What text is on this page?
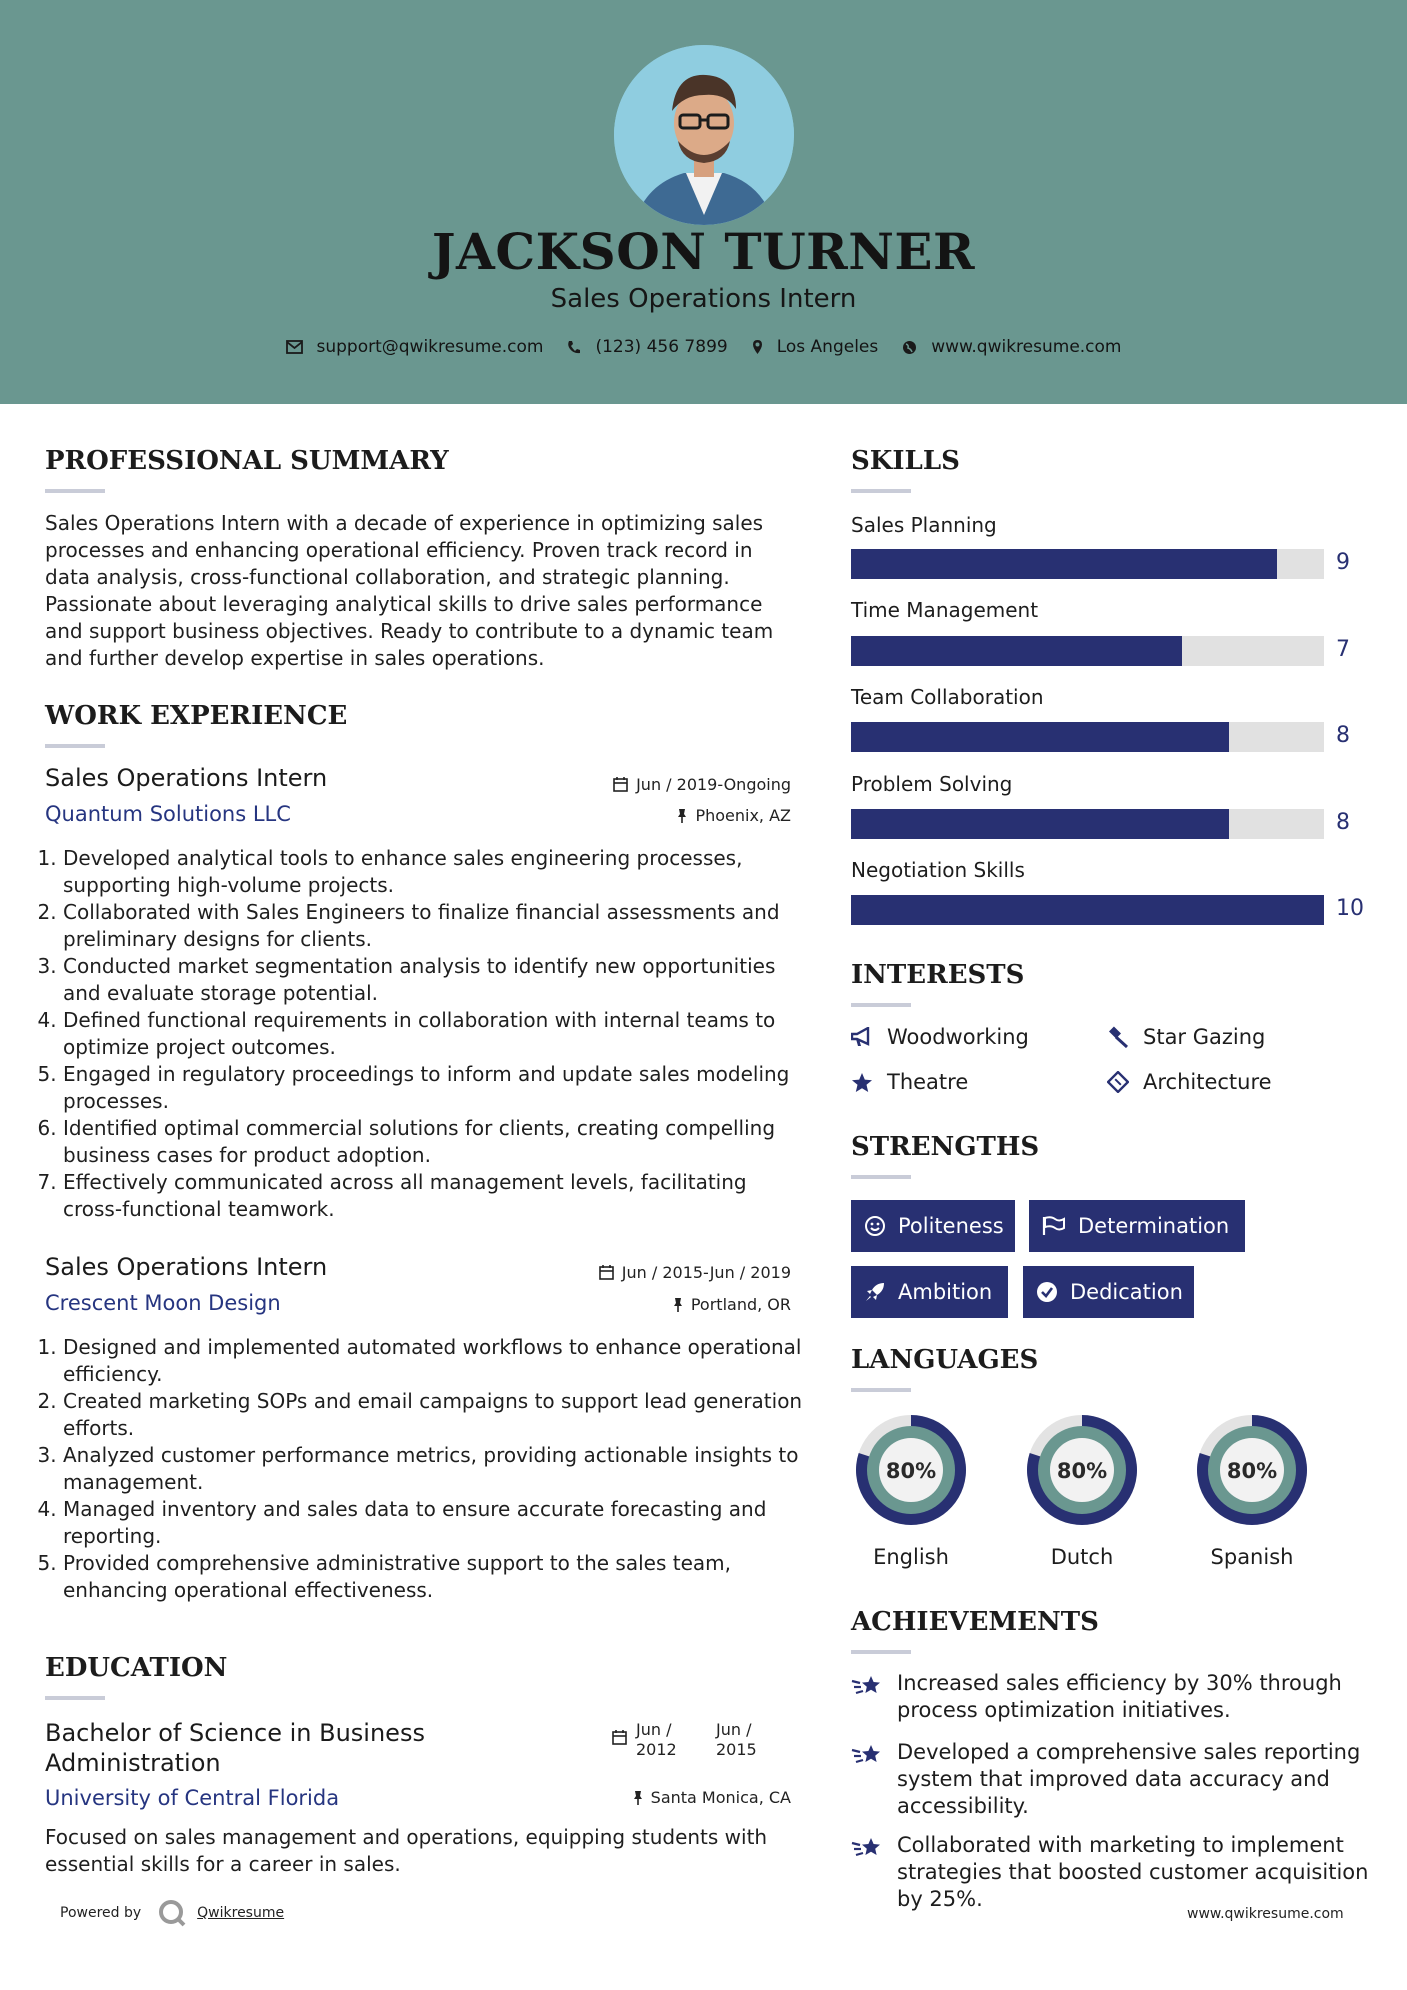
JACKSON TURNER
Sales Operations Intern
support@qwikresume.com	(123) 456 7899	Los Angeles	www.qwikresume.com
PROFESSIONAL SUMMARY
Sales Operations Intern with a decade of experience in optimizing sales processes and enhancing operational efficiency. Proven track record in data analysis, cross-functional collaboration, and strategic planning. Passionate about leveraging analytical skills to drive sales performance and support business objectives. Ready to contribute to a dynamic team and further develop expertise in sales operations.
WORK EXPERIENCE
Sales Operations Intern
Quantum Solutions LLC
Jun / 2019-Ongoing
Phoenix, AZ
1. Developed analytical tools to enhance sales engineering processes, supporting high-volume projects.
2. Collaborated with Sales Engineers to finalize financial assessments and preliminary designs for clients.
3. Conducted market segmentation analysis to identify new opportunities and evaluate storage potential.
4. Defined functional requirements in collaboration with internal teams to optimize project outcomes.
5. Engaged in regulatory proceedings to inform and update sales modeling processes.
6. Identified optimal commercial solutions for clients, creating compelling business cases for product adoption.
7. Effectively communicated across all management levels, facilitating cross-functional teamwork.
Sales Operations Intern
Crescent Moon Design
Jun / 2015-Jun / 2019
Portland, OR
1. Designed and implemented automated workflows to enhance operational efficiency.
2. Created marketing SOPs and email campaigns to support lead generation efforts.
3. Analyzed customer performance metrics, providing actionable insights to management.
4. Managed inventory and sales data to ensure accurate forecasting and reporting.
5. Provided comprehensive administrative support to the sales team, enhancing operational effectiveness.
EDUCATION
Bachelor of Science in Business Administration
Jun / 2012
Jun / 2015
University of Central Florida	Santa Monica, CA
Focused on sales management and operations, equipping students with essential skills for a career in sales.
Powered by	Qwikresume
SKILLS
Sales Planning
9
Time Management
7
Team Collaboration
8
Problem Solving
8
Negotiation Skills
10
INTERESTS
Woodworking	Star Gazing
Theatre	Architecture
STRENGTHS
Politeness	Determination
Ambition	Dedication
LANGUAGES
80%
English
80%
Dutch
80%
Spanish
ACHIEVEMENTS
Increased sales efficiency by 30% through process optimization initiatives.
Developed a comprehensive sales reporting system that improved data accuracy and accessibility.
Collaborated with marketing to implement strategies that boosted customer acquisition by 25%.
www.qwikresume.com
